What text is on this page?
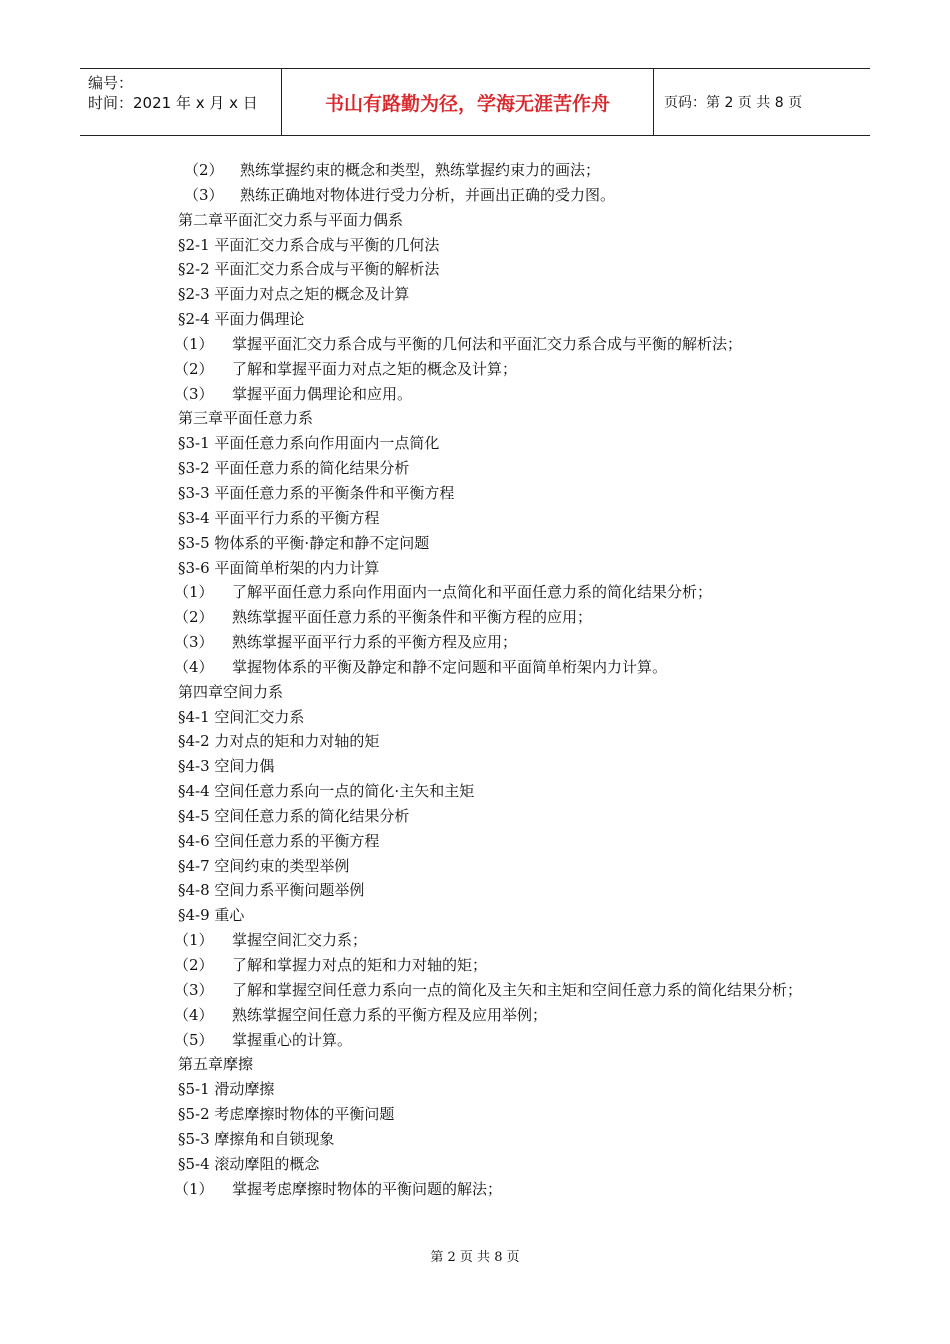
编号：
时间：2021 年 x 月 x 日	书山有路勤为径，学海无涯苦作舟	页码：第 2 页 共 8 页
（2）	熟练掌握约束的概念和类型，熟练掌握约束力的画法；
（3）	熟练正确地对物体进行受力分析，并画出正确的受力图。
第二章平面汇交力系与平面力偶系
§2-1 平面汇交力系合成与平衡的几何法
§2-2 平面汇交力系合成与平衡的解析法
§2-3 平面力对点之矩的概念及计算
§2-4 平面力偶理论
（1）	掌握平面汇交力系合成与平衡的几何法和平面汇交力系合成与平衡的解析法；
（2）	了解和掌握平面力对点之矩的概念及计算；
（3）	掌握平面力偶理论和应用。
第三章平面任意力系
§3-1 平面任意力系向作用面内一点简化
§3-2 平面任意力系的简化结果分析
§3-3 平面任意力系的平衡条件和平衡方程
§3-4 平面平行力系的平衡方程
§3-5 物体系的平衡·静定和静不定问题
§3-6 平面简单桁架的内力计算
（1）	了解平面任意力系向作用面内一点简化和平面任意力系的简化结果分析；
（2）	熟练掌握平面任意力系的平衡条件和平衡方程的应用；
（3）	熟练掌握平面平行力系的平衡方程及应用；
（4）	掌握物体系的平衡及静定和静不定问题和平面简单桁架内力计算。
第四章空间力系
§4-1 空间汇交力系
§4-2 力对点的矩和力对轴的矩
§4-3 空间力偶
§4-4 空间任意力系向一点的简化·主矢和主矩
§4-5 空间任意力系的简化结果分析
§4-6 空间任意力系的平衡方程
§4-7 空间约束的类型举例
§4-8 空间力系平衡问题举例
§4-9 重心
（1）	掌握空间汇交力系；
（2）	了解和掌握力对点的矩和力对轴的矩；
（3）	了解和掌握空间任意力系向一点的简化及主矢和主矩和空间任意力系的简化结果分析；
（4）	熟练掌握空间任意力系的平衡方程及应用举例；
（5）	掌握重心的计算。
第五章摩擦
§5-1 滑动摩擦
§5-2 考虑摩擦时物体的平衡问题
§5-3 摩擦角和自锁现象
§5-4 滚动摩阻的概念
（1）	掌握考虑摩擦时物体的平衡问题的解法；
第 2 页 共 8 页
